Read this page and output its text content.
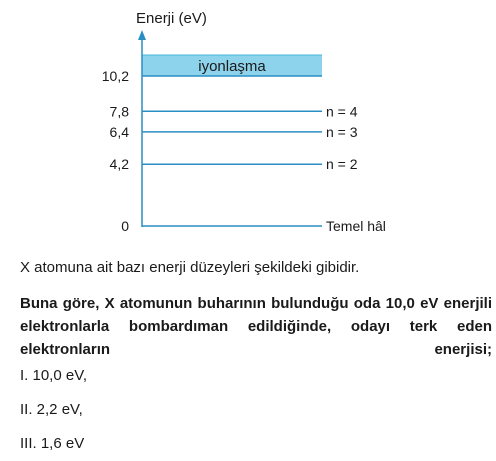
iyonlaşma
10,2
7,8	n = 4
6,4	n = 3
4,2	n = 2
0	Temel hâl
Enerji (eV)

X atomuna ait bazı enerji düzeyleri şekildeki gibidir.

Buna göre, X atomunun buharının bulunduğu oda 10,0 eV enerjili elektronlarla bombardıman edildiğinde, odayı terk eden elektronların enerjisi;

I. 10,0 eV,

II. 2,2 eV,

III. 1,6 eV
